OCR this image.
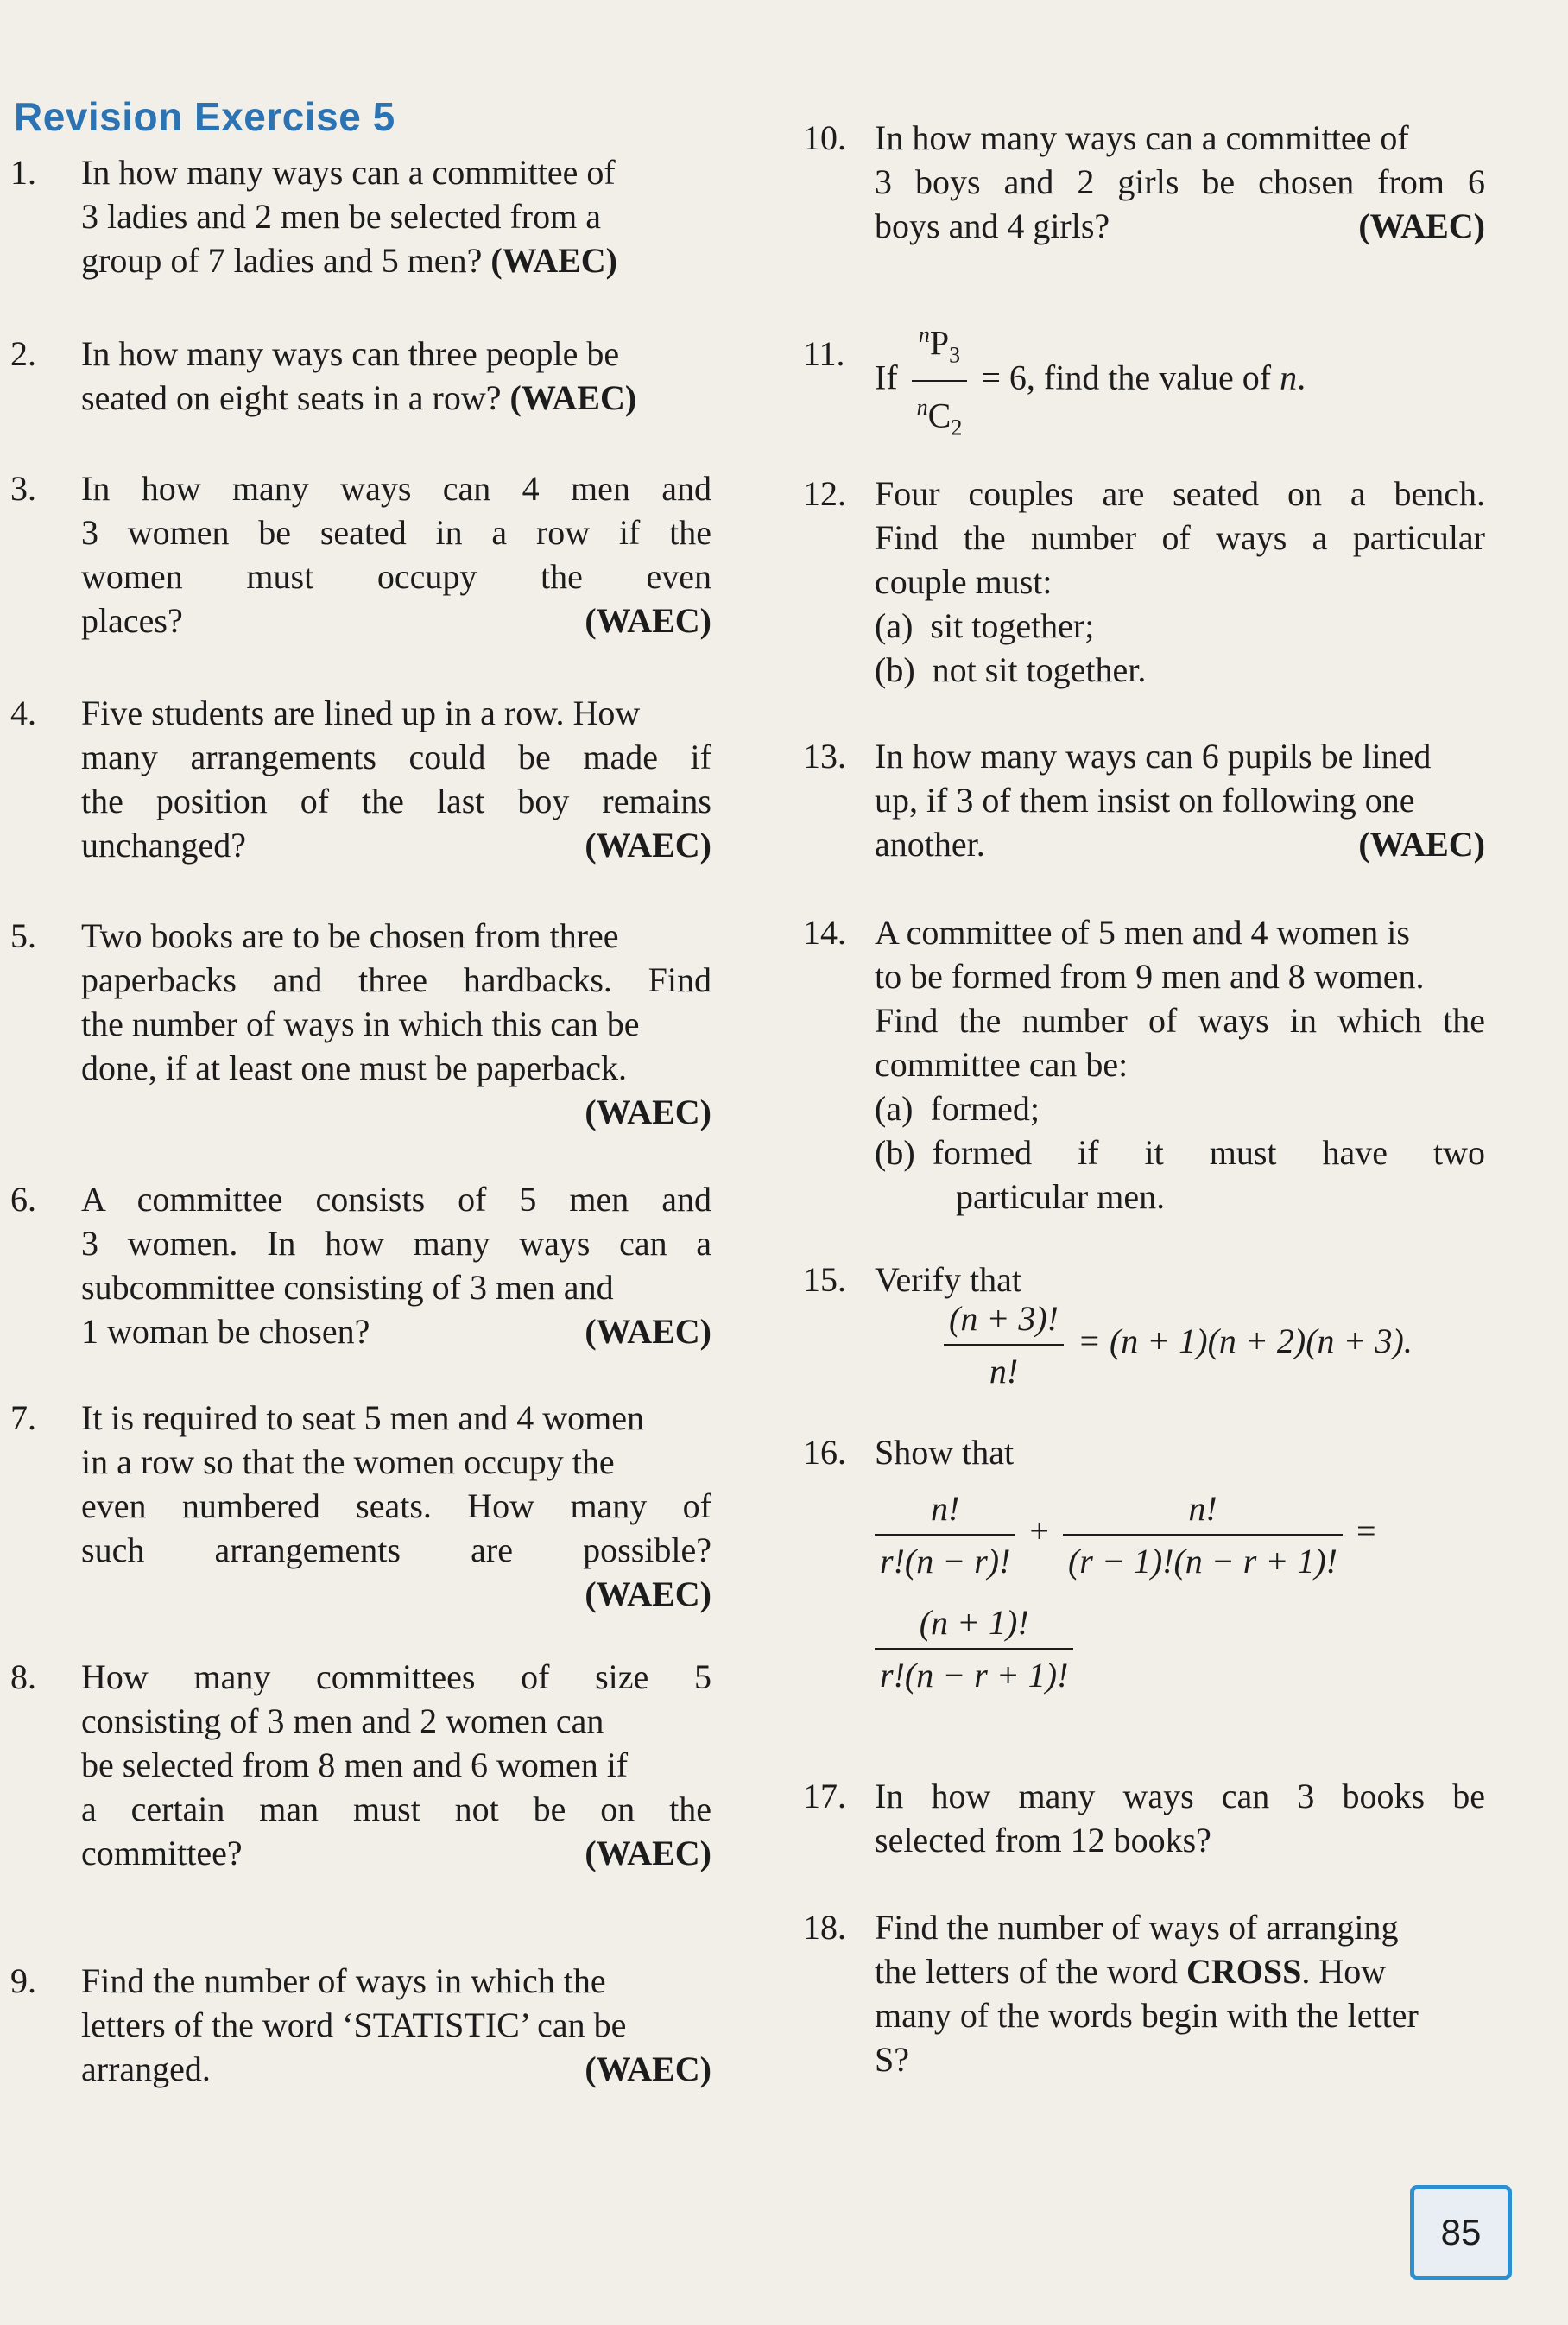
Revision Exercise 5
1. In how many ways can a committee of
3 ladies and 2 men be selected from a
group of 7 ladies and 5 men? (WAEC)
2. In how many ways can three people be
seated on eight seats in a row? (WAEC)
3. In how many ways can 4 men and
3 women be seated in a row if the
women must occupy the even
places?	(WAEC)
4. Five students are lined up in a row. How
many arrangements could be made if
the position of the last boy remains
unchanged?	(WAEC)
5. Two books are to be chosen from three
paperbacks and three hardbacks. Find
the number of ways in which this can be
done, if at least one must be paperback.
(WAEC)
6. A committee consists of 5 men and
3 women. In how many ways can a
subcommittee consisting of 3 men and
1 woman be chosen?	(WAEC)
7. It is required to seat 5 men and 4 women
in a row so that the women occupy the
even numbered seats. How many of
such arrangements are possible?
(WAEC)
8. How many committees of size 5
consisting of 3 men and 2 women can
be selected from 8 men and 6 women if
a certain man must not be on the
committee?	(WAEC)
9. Find the number of ways in which the
letters of the word ‘STATISTIC’ can be
arranged.	(WAEC)
10. In how many ways can a committee of
3 boys and 2 girls be chosen from 6
boys and 4 girls?	(WAEC)
11.
If $\frac{^nP_3}{^nC_2} = 6$, find the value of n.
12. Four couples are seated on a bench.
Find the number of ways a particular
couple must:
(a) sit together;
(b) not sit together.
13. In how many ways can 6 pupils be lined
up, if 3 of them insist on following one
another.	(WAEC)
14. A committee of 5 men and 4 women is
to be formed from 9 men and 8 women.
Find the number of ways in which the
committee can be:
(a) formed;
(b)
formed if it must have two
particular men.
15. Verify that
$\frac{(n + 3)!}{n!} = (n + 1)(n + 2)(n + 3)$.
16. Show that
$\frac{n!}{r!(n - r)!} + \frac{n!}{(r - 1)!(n - r + 1)!}$ =
$\frac{(n + 1)!}{r!(n - r + 1)!}$
17. In how many ways can 3 books be
selected from 12 books?
18. Find the number of ways of arranging
the letters of the word CROSS. How
many of the words begin with the letter
S?
85
